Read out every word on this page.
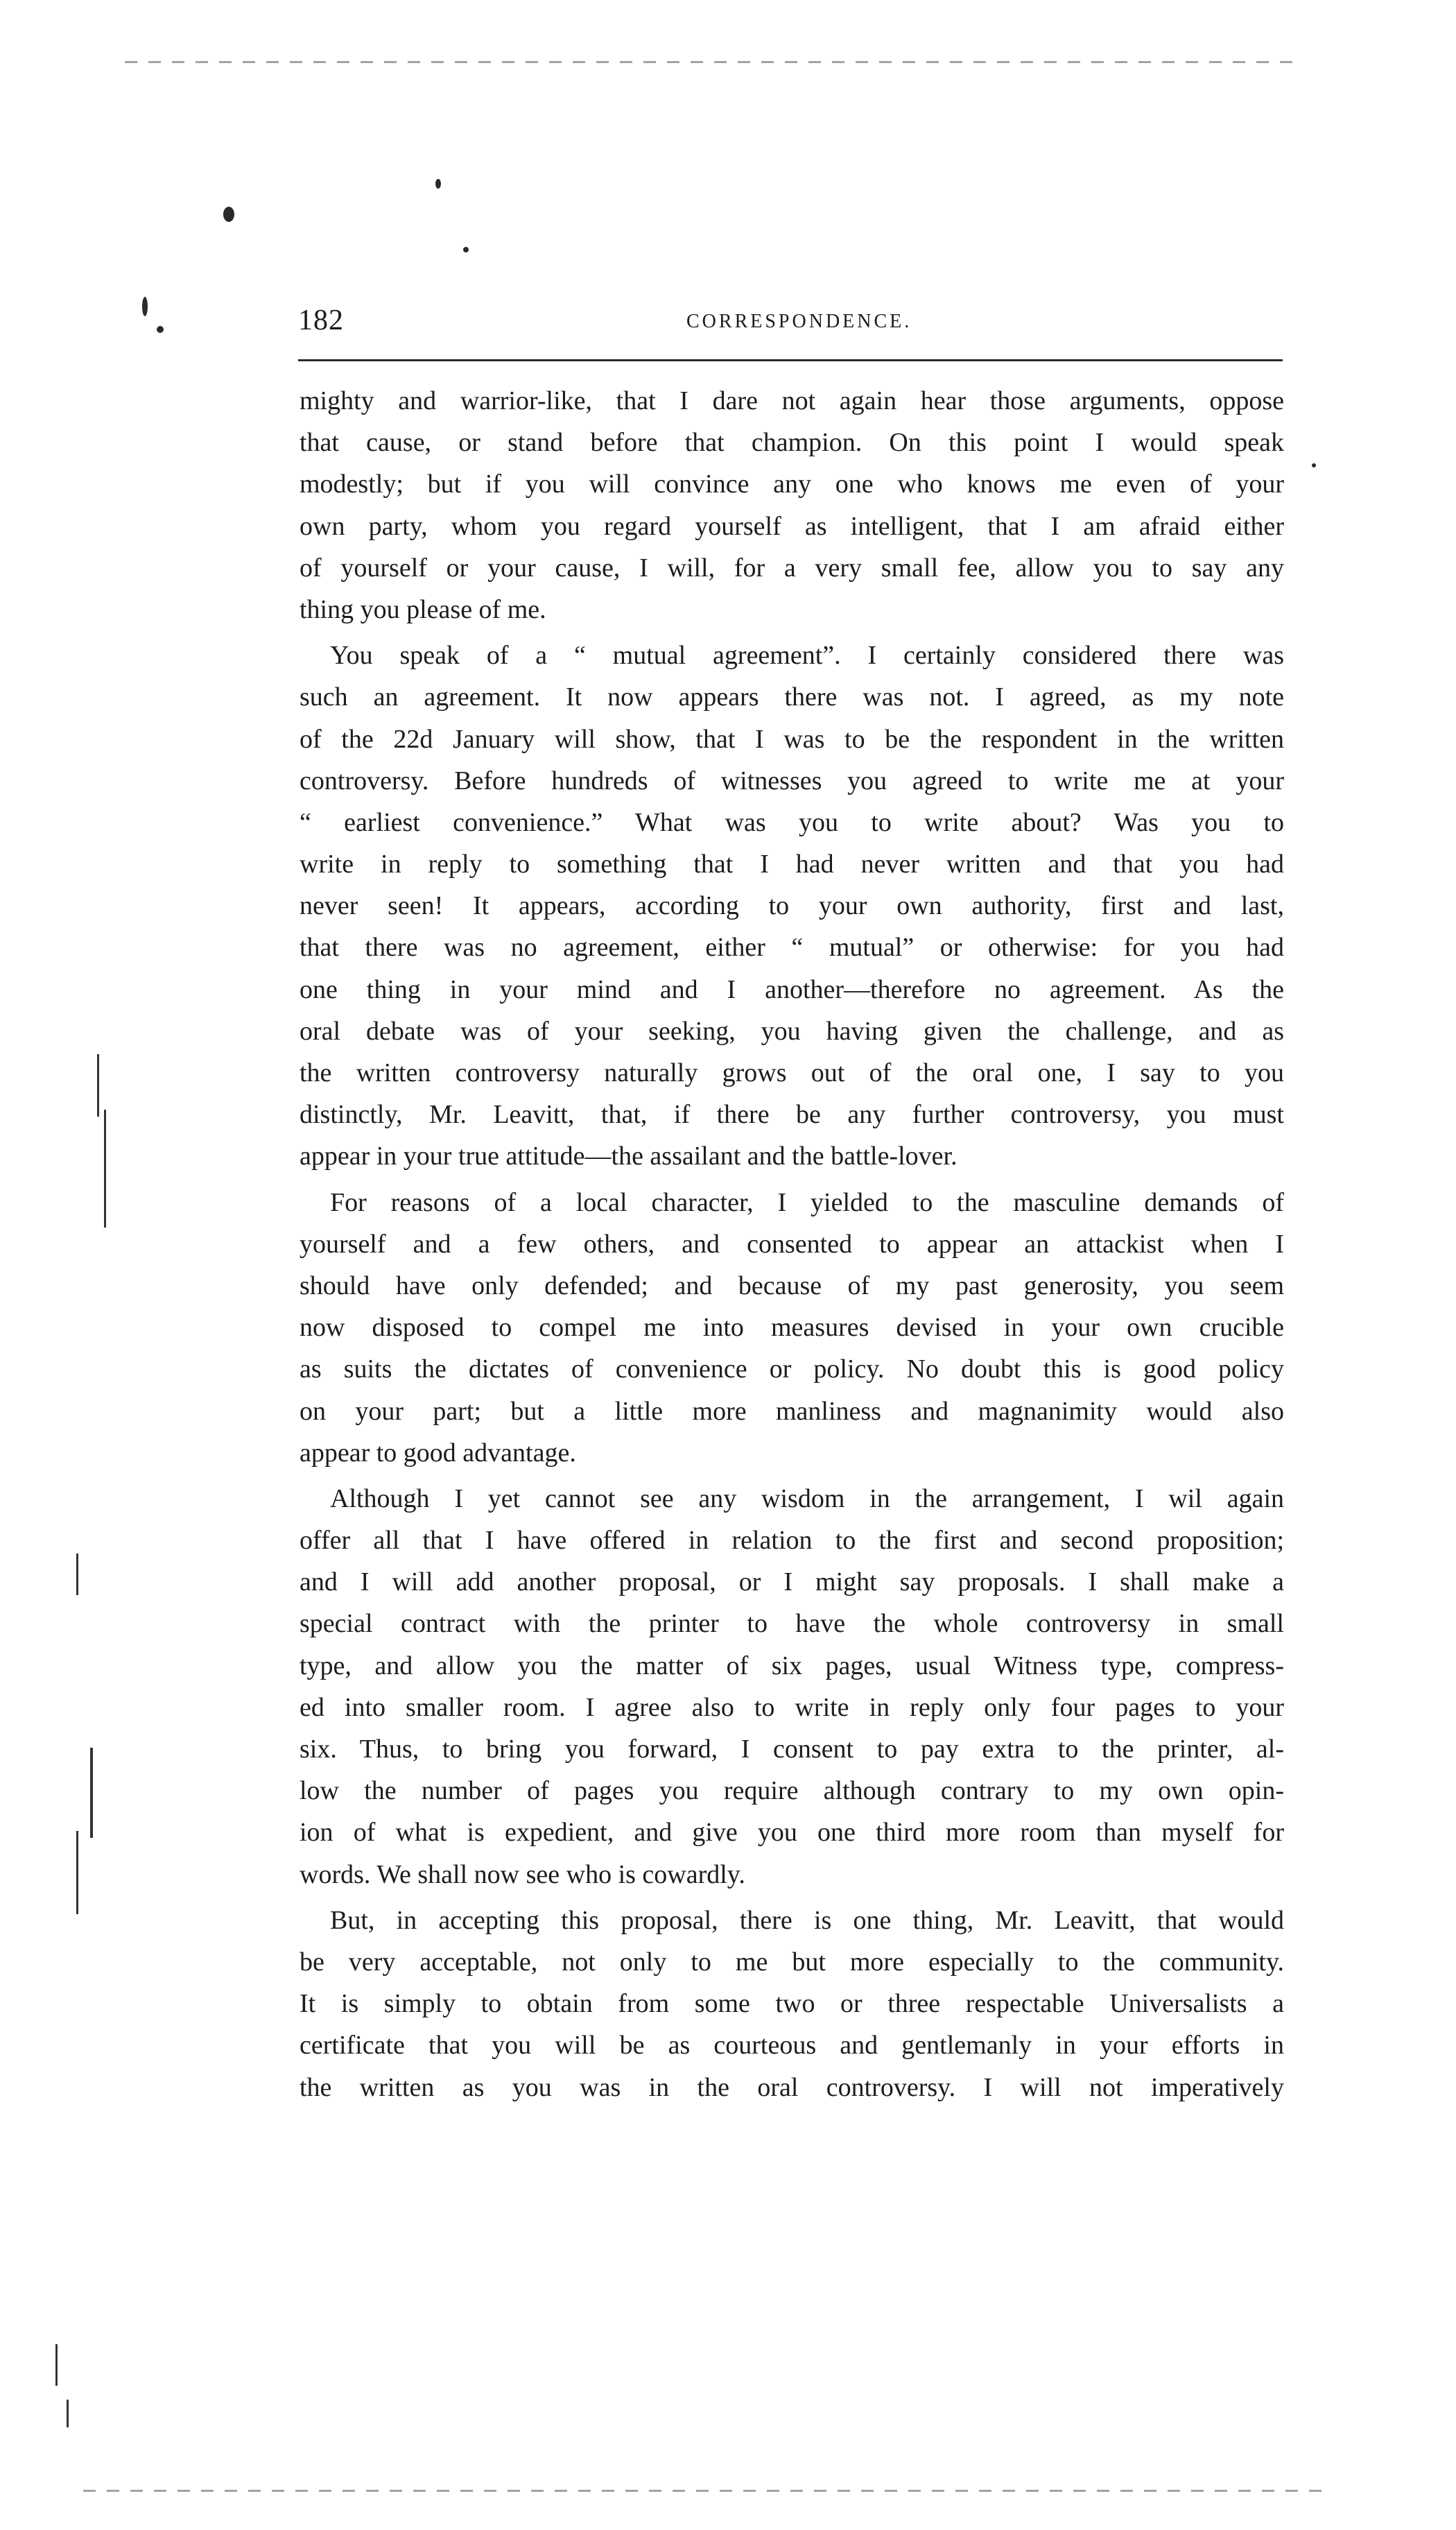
182	CORRESPONDENCE.
mighty and warrior-like, that I dare not again hear those arguments, oppose
that cause, or stand before that champion. On this point I would speak
modestly; but if you will convince any one who knows me even of your
own party, whom you regard yourself as intelligent, that I am afraid either
of yourself or your cause, I will, for a very small fee, allow you to say any
thing you please of me.
You speak of a “ mutual agreement”. I certainly considered there was
such an agreement. It now appears there was not. I agreed, as my note
of the 22d January will show, that I was to be the respondent in the written
controversy. Before hundreds of witnesses you agreed to write me at your
“ earliest convenience.” What was you to write about? Was you to
write in reply to something that I had never written and that you had
never seen! It appears, according to your own authority, first and last,
that there was no agreement, either “ mutual” or otherwise: for you had
one thing in your mind and I another—therefore no agreement. As the
oral debate was of your seeking, you having given the challenge, and as
the written controversy naturally grows out of the oral one, I say to you
distinctly, Mr. Leavitt, that, if there be any further controversy, you must
appear in your true attitude—the assailant and the battle-lover.
For reasons of a local character, I yielded to the masculine demands of
yourself and a few others, and consented to appear an attackist when I
should have only defended; and because of my past generosity, you seem
now disposed to compel me into measures devised in your own crucible
as suits the dictates of convenience or policy. No doubt this is good policy
on your part; but a little more manliness and magnanimity would also
appear to good advantage.
Although I yet cannot see any wisdom in the arrangement, I wil again
offer all that I have offered in relation to the first and second proposition;
and I will add another proposal, or I might say proposals. I shall make a
special contract with the printer to have the whole controversy in small
type, and allow you the matter of six pages, usual Witness type, compress-
ed into smaller room. I agree also to write in reply only four pages to your
six. Thus, to bring you forward, I consent to pay extra to the printer, al-
low the number of pages you require although contrary to my own opin-
ion of what is expedient, and give you one third more room than myself for
words. We shall now see who is cowardly.
But, in accepting this proposal, there is one thing, Mr. Leavitt, that would
be very acceptable, not only to me but more especially to the community.
It is simply to obtain from some two or three respectable Universalists a
certificate that you will be as courteous and gentlemanly in your efforts in
the written as you was in the oral controversy. I will not imperatively
